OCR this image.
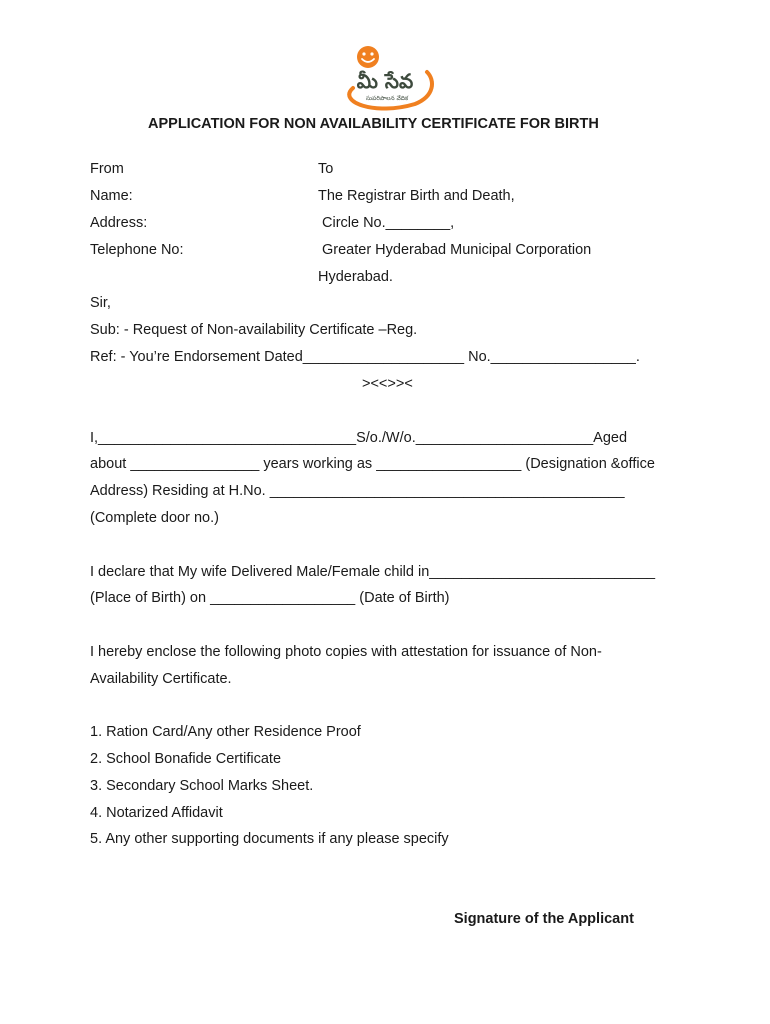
మీ సేవ
సుపరిపాలన వేదిక
APPLICATION FOR NON AVAILABILITY CERTIFICATE FOR BIRTH
From	To
Name:	The Registrar Birth and Death,
Address:	Circle No.________,
Telephone No:	Greater Hyderabad Municipal Corporation
Hyderabad.
Sir,
Sub: - Request of Non-availability Certificate –Reg.
Ref: - You’re Endorsement Dated____________________ No.__________________.
><<>><
I,________________________________S/o./W/o.______________________Aged
about ________________ years working as __________________ (Designation &office
Address) Residing at H.No. ____________________________________________
(Complete door no.)
I declare that My wife Delivered Male/Female child in____________________________
(Place of Birth) on __________________ (Date of Birth)
I hereby enclose the following photo copies with attestation for issuance of Non-
Availability Certificate.
1. Ration Card/Any other Residence Proof
2. School Bonafide Certificate
3. Secondary School Marks Sheet.
4. Notarized Affidavit
5. Any other supporting documents if any please specify
Signature of the Applicant
